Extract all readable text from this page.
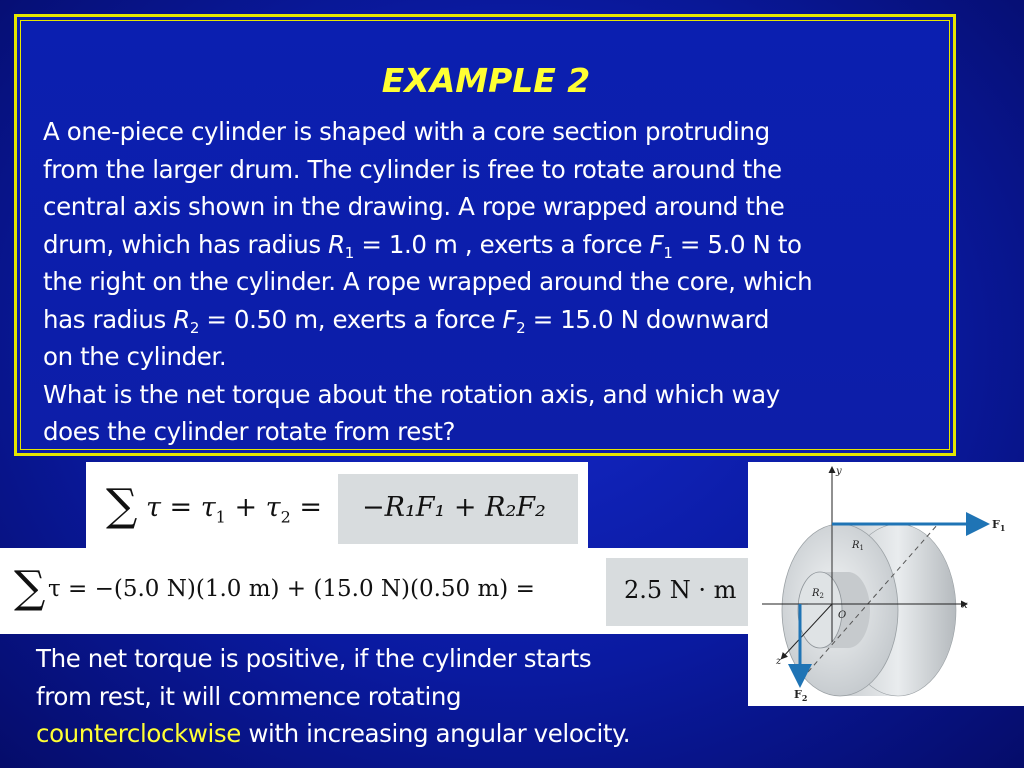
EXAMPLE 2

A one-piece cylinder is shaped with a core section protruding

from the larger drum. The cylinder is free to rotate around the

central axis shown in the drawing. A rope wrapped around the

drum, which has radius $R_1 = 1.0$ m , exerts a force $F_1 = 5.0$ N to

the right on the cylinder. A rope wrapped around the core, which

has radius $R_2 = 0.50$ m, exerts a force $F_2 = 15.0$ N downward

on the cylinder.

What is the net torque about the rotation axis, and which way

does the cylinder rotate from rest?

∑ $\tau = \tau_1 + \tau_2 = -R_1F_1 + R_2F_2$
∑ τ = −(5.0 N)(1.0 m) + (15.0 N)(0.50 m) =	2.5 N · m
y
x
z
$F_1$
$F_2$
$R_1$
$R_2$
O
The net torque is positive, if the cylinder starts
from rest, it will commence rotating
counterclockwise with increasing angular velocity.
